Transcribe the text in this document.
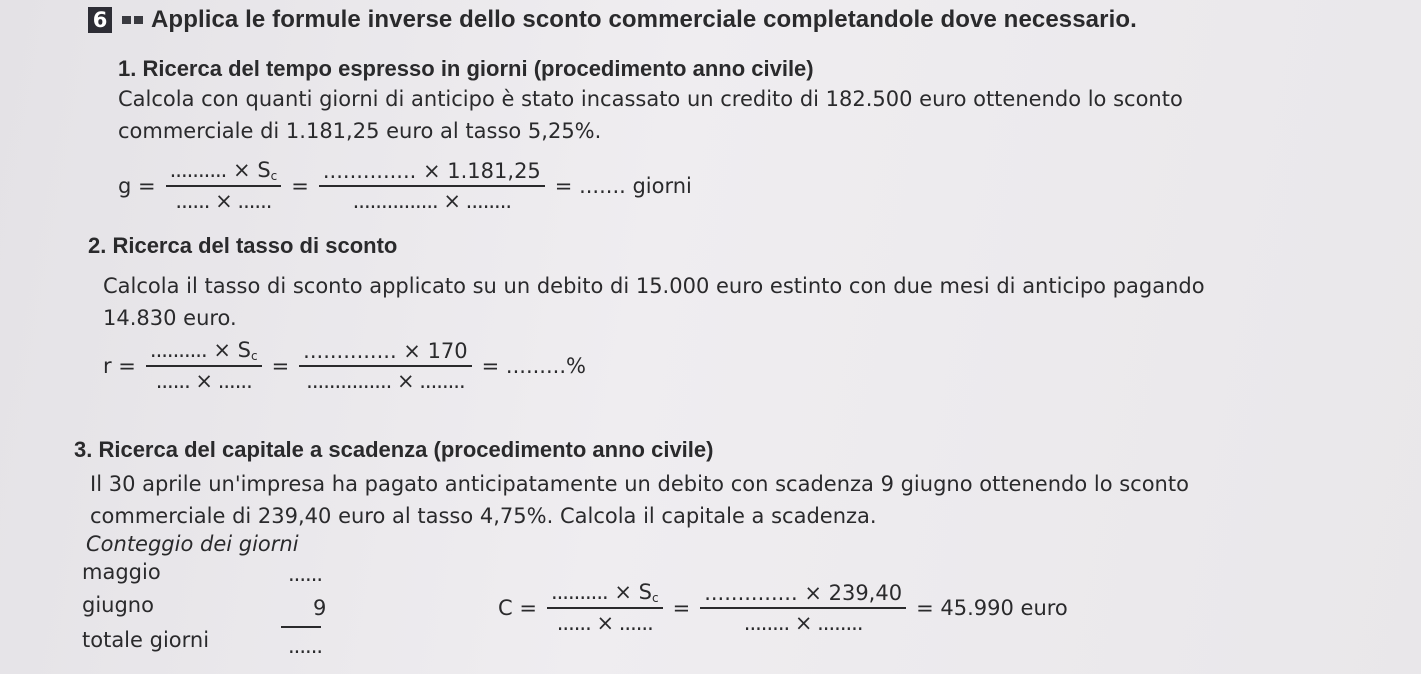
6 Applica le formule inverse dello sconto commerciale completandole dove necessario.
1. Ricerca del tempo espresso in giorni (procedimento anno civile)

Calcola con quanti giorni di anticipo è stato incassato un credito di 182.500 euro ottenendo lo sconto

commerciale di 1.181,25 euro al tasso 5,25%.

$g = \frac{.......... \times S_c}{...... \times ......} = \frac{.............. \times 1.181,25}{............... \times ........}$ = ....... giorni
2. Ricerca del tasso di sconto

Calcola il tasso di sconto applicato su un debito di 15.000 euro estinto con due mesi di anticipo pagando

14.830 euro.

$r = \frac{.......... \times S_c}{...... \times ......} = \frac{.............. \times 170}{............... \times ........}$ = .........%
3. Ricerca del capitale a scadenza (procedimento anno civile)

Il 30 aprile un'impresa ha pagato anticipatamente un debito con scadenza 9 giugno ottenendo lo sconto

commerciale di 239,40 euro al tasso 4,75%. Calcola il capitale a scadenza.

Conteggio dei giorni
maggio	......
giugno	9
totale giorni	......
$C = \frac{.......... \times S_c}{...... \times ......} = \frac{.............. \times 239,40}{........ \times ........} = 45.990$ euro
